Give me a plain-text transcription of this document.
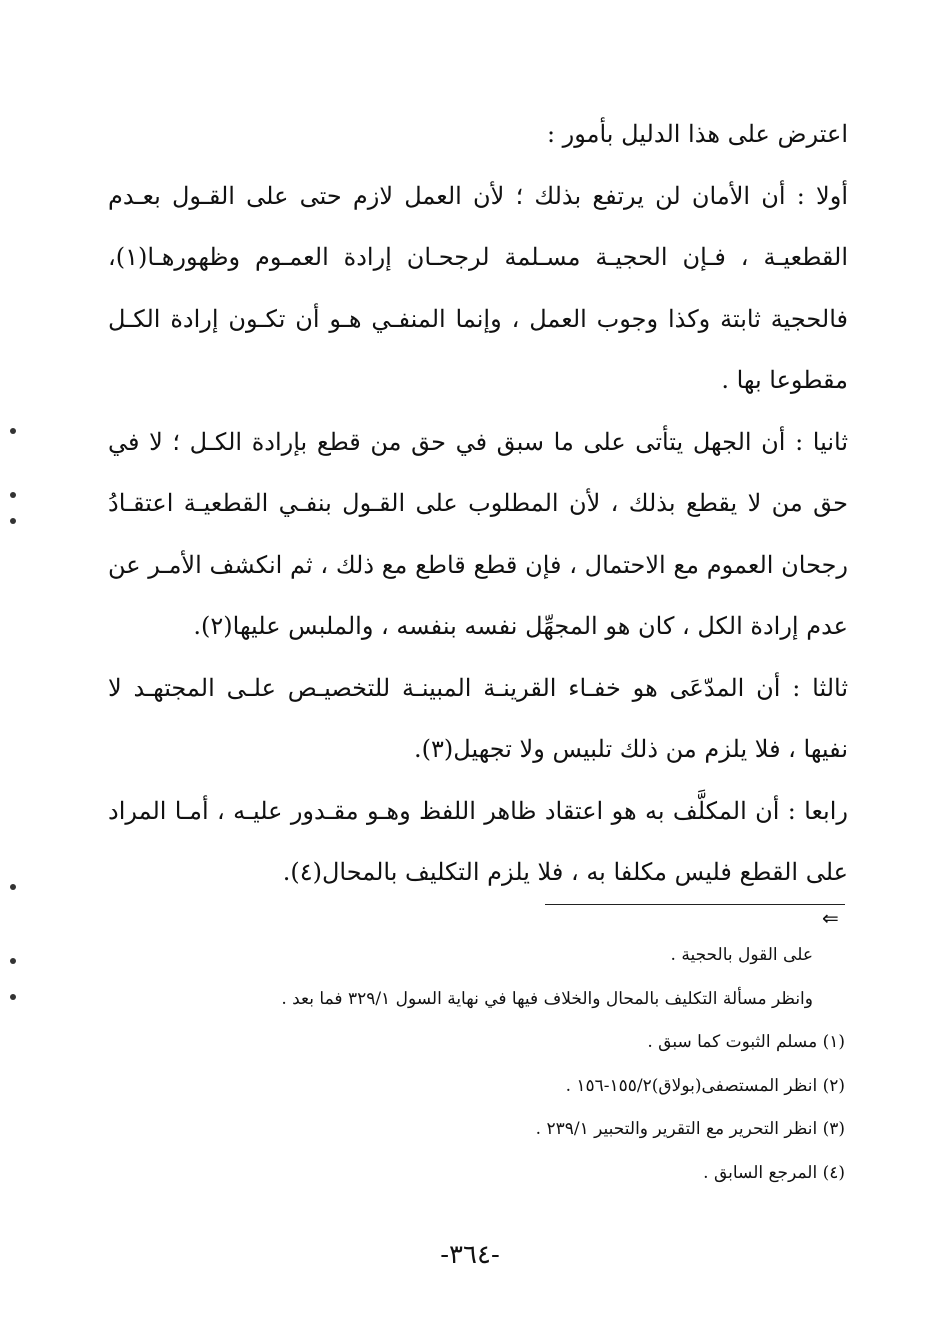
اعترض على هذا الدليل بأمور :

أولا : أن الأمان لن يرتفع بذلك ؛ لأن العمل لازم حتى على القـول بعـدم القطعيـة ، فـإن الحجيـة مسـلمة لرجحـان إرادة العمـوم وظهورهـا(١)، فالحجية ثابتة وكذا وجوب العمل ، وإنما المنفـي هـو أن تكـون إرادة الكـل مقطوعا بها .

ثانيا : أن الجهل يتأتى على ما سبق في حق من قطع بإرادة الكـل ؛ لا في حق من لا يقطع بذلك ، لأن المطلوب على القـول بنفـي القطعيـة اعتقـادُ رجحان العموم مع الاحتمال ، فإن قطع قاطع مع ذلك ، ثم انكشف الأمـر عن عدم إرادة الكل ، كان هو المجهِّل نفسه بنفسه ، والملبس عليها(٢).

ثالثا : أن المدّعَى هو خفـاء القرينـة المبينـة للتخصيـص علـى المجتهـد لا نفيها ، فلا يلزم من ذلك تلبيس ولا تجهيل(٣).

رابعا : أن المكلَّف به هو اعتقاد ظاهر اللفظ وهـو مقـدور عليـه ، أمـا المراد على القطع فليس مكلفا به ، فلا يلزم التكليف بالمحال(٤).

⇐

على القول بالحجية .

وانظر مسألة التكليف بالمحال والخلاف فيها في نهاية السول ٣٢٩/١ فما بعد .

(١) مسلم الثبوت كما سبق .

(٢) انظر المستصفى(بولاق)١٥٥/٢-١٥٦ .

(٣) انظر التحرير مع التقرير والتحبير ٢٣٩/١ .

(٤) المرجع السابق .

-٣٦٤-
